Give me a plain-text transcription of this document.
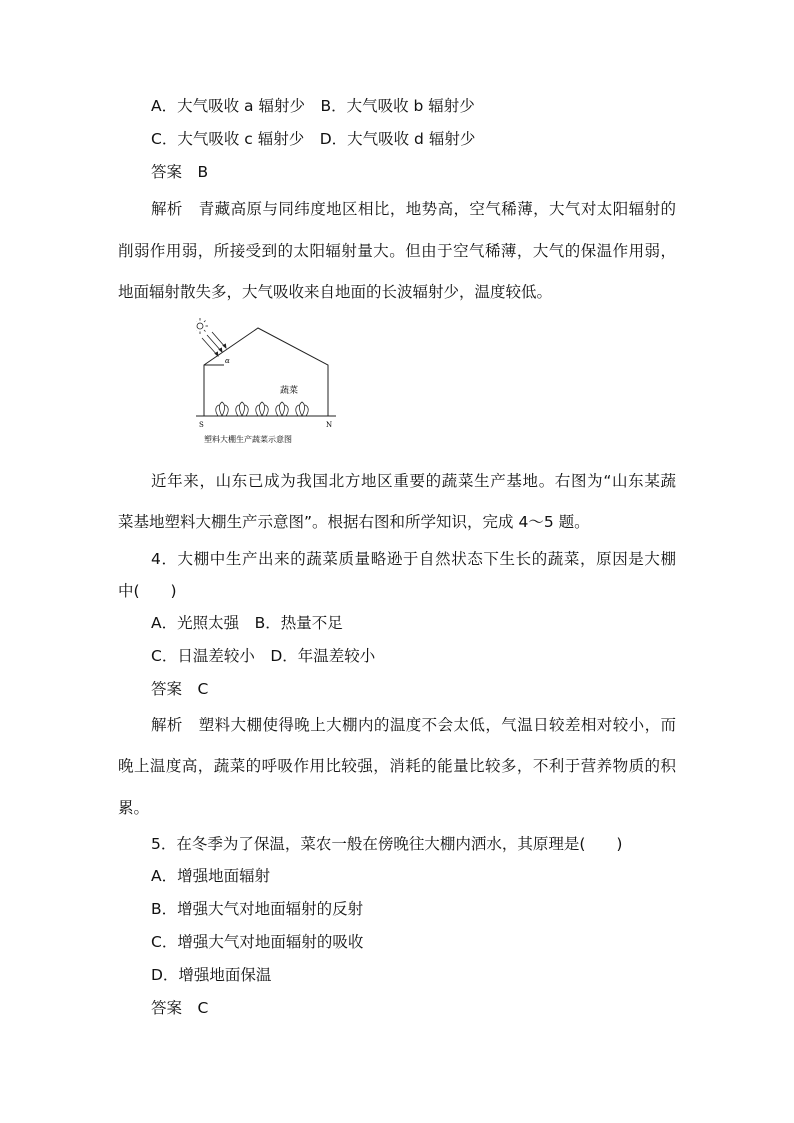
A．大气吸收 a 辐射少　B．大气吸收 b 辐射少
C．大气吸收 c 辐射少　D．大气吸收 d 辐射少
答案　B
解析　青藏高原与同纬度地区相比，地势高，空气稀薄，大气对太阳辐射的
削弱作用弱，所接受到的太阳辐射量大。但由于空气稀薄，大气的保温作用弱，
地面辐射散失多，大气吸收来自地面的长波辐射少，温度较低。
α
蔬菜
S	N
塑料大棚生产蔬菜示意图
近年来，山东已成为我国北方地区重要的蔬菜生产基地。右图为“山东某蔬
菜基地塑料大棚生产示意图”。根据右图和所学知识，完成 4～5 题。
4．大棚中生产出来的蔬菜质量略逊于自然状态下生长的蔬菜，原因是大棚
中(　　)
A．光照太强　B．热量不足
C．日温差较小　D．年温差较小
答案　C
解析　塑料大棚使得晚上大棚内的温度不会太低，气温日较差相对较小，而
晚上温度高，蔬菜的呼吸作用比较强，消耗的能量比较多，不利于营养物质的积
累。
5．在冬季为了保温，菜农一般在傍晚往大棚内洒水，其原理是(　　)
A．增强地面辐射
B．增强大气对地面辐射的反射
C．增强大气对地面辐射的吸收
D．增强地面保温
答案　C
